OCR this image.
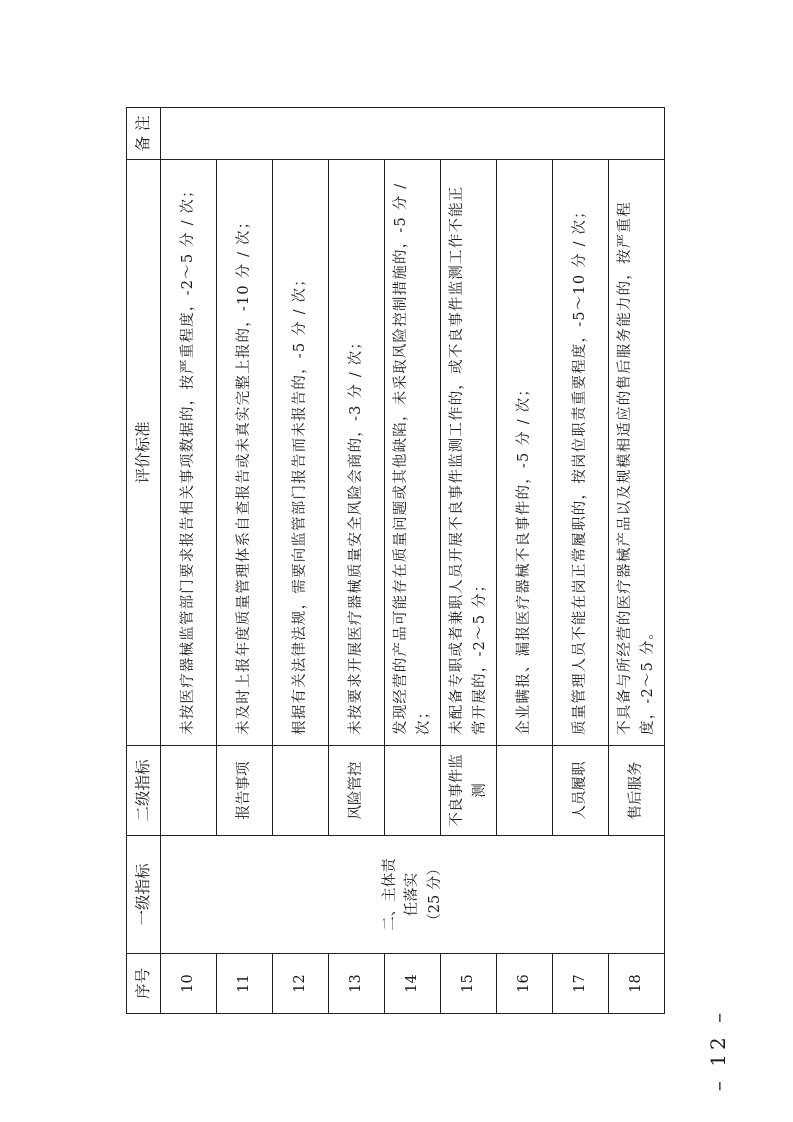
序号	一级指标	二级指标	评价标准	备 注
10	二、主体责 任落实 （25 分）		未按医疗器械监管部门要求报告相关事项数据的，按严重程度，-2～5 分 / 次；	
11		报告事项	未及时上报年度质量管理体系自查报告或未真实完整上报的，-10 分 / 次；	
12			根据有关法律法规，需要向监管部门报告而未报告的，-5 分 / 次；	
13		风险管控	未按要求开展医疗器械质量安全风险会商的，-3 分 / 次；	
14			发现经营的产品可能存在质量问题或其他缺陷，未采取风险控制措施的，-5 分 / 次；	
15		不良事件监测	未配备专职或者兼职人员开展不良事件监测工作的，或不良事件监测工作不能正常开展的，-2～5 分；	
16			企业瞒报、漏报医疗器械不良事件的，-5 分 / 次；	
17		人员履职	质量管理人员不能在岗正常履职的，按岗位职责重要程度，-5～10 分 / 次；	
18		售后服务	不具备与所经营的医疗器械产品以及规模相适应的售后服务能力的，按严重程度，-2～5 分。	
– 12 –
